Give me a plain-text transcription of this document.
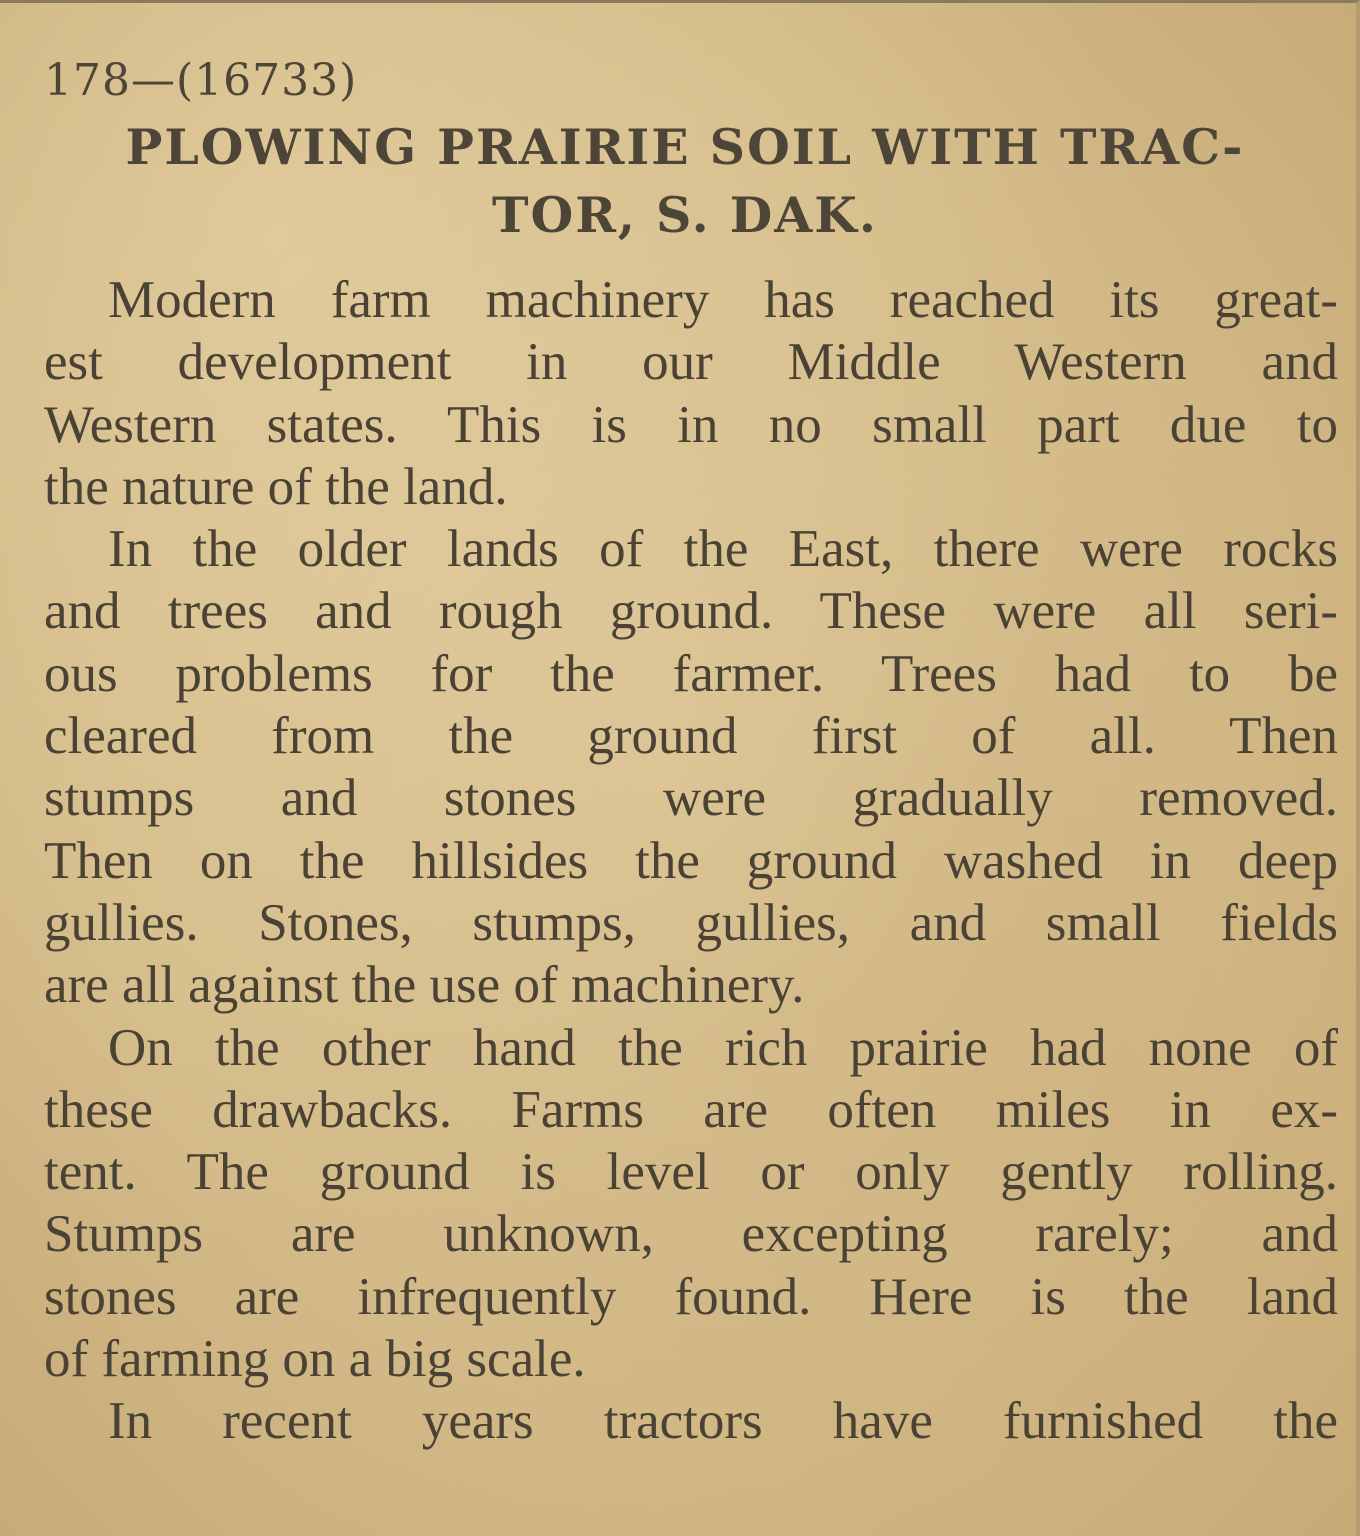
178—(16733)
PLOWING PRAIRIE SOIL WITH TRAC-
TOR, S. DAK.
Modern farm machinery has reached its great-
est development in our Middle Western and
Western states. This is in no small part due to
the nature of the land.
In the older lands of the East, there were rocks
and trees and rough ground. These were all seri-
ous problems for the farmer. Trees had to be
cleared from the ground first of all. Then
stumps and stones were gradually removed.
Then on the hillsides the ground washed in deep
gullies. Stones, stumps, gullies, and small fields
are all against the use of machinery.
On the other hand the rich prairie had none of
these drawbacks. Farms are often miles in ex-
tent. The ground is level or only gently rolling.
Stumps are unknown, excepting rarely; and
stones are infrequently found. Here is the land
of farming on a big scale.
In recent years tractors have furnished the
